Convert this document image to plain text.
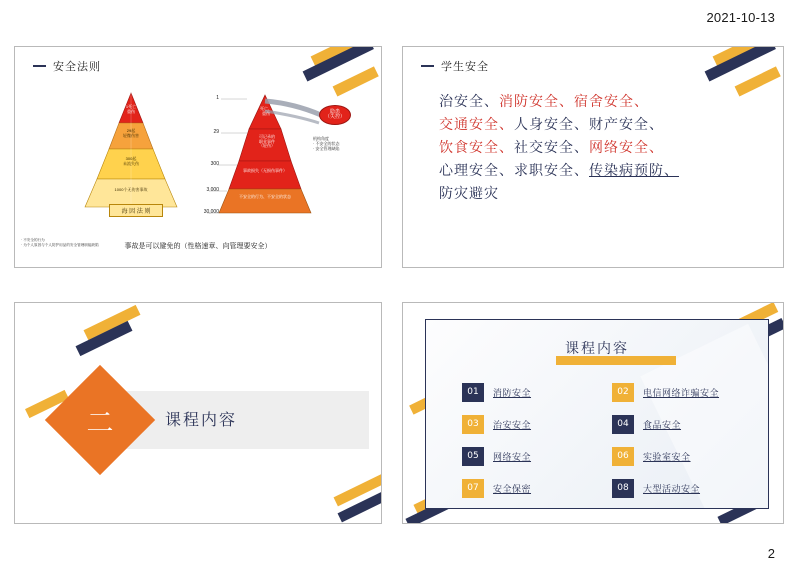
2021-10-13
安全法则
1死亡
重伤
29起
轻微伤害
300起
未流失伤
1000个无伤害事故
海 因 法 则
1
29
300
3,000
30,000
死亡、
重伤
可记录的
职业事件
（轻伤）
事故损失（无损伤事件）
不安全的行为、不安全的状态
隐患
（失控）
机构角度
· 不安全的状态
· 安全管理缺陷
· 不安全的行为
· 为个人原因与个人防护用品的安全管理职能缺陷	事故是可以避免的（性格速章、向管理要安全）
学生安全
治安全、消防安全、宿舍安全、
交通安全、人身安全、财产安全、
饮食安全、社交安全、网络安全、
心理安全、求职安全、传染病预防、
防灾避灾
二	课程内容
课程内容
01	消防安全	02	电信网络诈骗安全
03	治安安全	04	食品安全
05	网络安全	06	实验室安全
07	安全保密	08	大型活动安全
2
